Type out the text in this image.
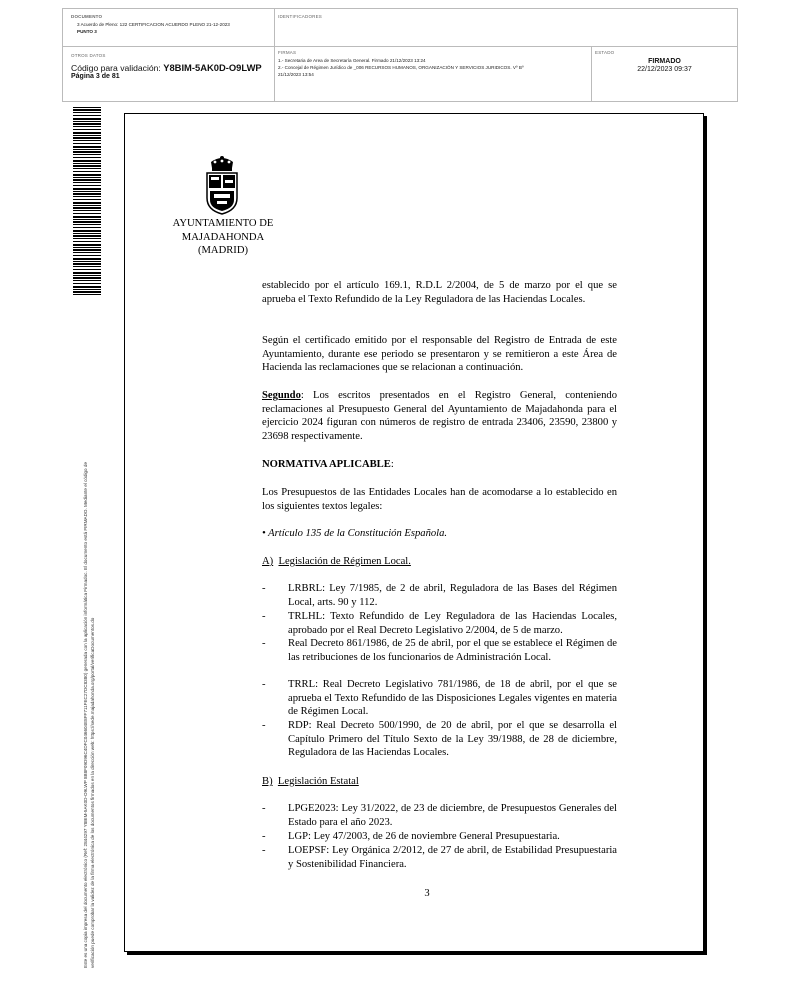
DOCUMENTO
3 Acuerdo de Pleno: 122 CERTIFICACION ACUERDO PLENO 21-12-2023
PUNTO 3
IDENTIFICADORES
OTROS DATOS
Código para validación: Y8BIM-5AK0D-O9LWP
Página 3 de 81
FIRMAS
1.- Secretaria de Area de Secretaría General. Firmado 21/12/2023 13:24
2.- Concejal de Régimen Jurídico de _006 RECURSOS HUMANOS, ORGANIZACIÓN Y SERVICIOS JURIDICOS. Vº Bº
21/12/2023 13:54
ESTADO
FIRMADO
22/12/2023 09:37
Este es una copia impresa del documento electrónico (Ref: 2844297 Y8BIM-5AK0D-O9LWP 8B8F09D96C4DFC046604E8FF711FEC27DC8380) generada con la aplicación informática Firmadoc. El documento está FIRMADO. Mediante el código de verificación puede comprobar la validez de la firma electrónica de los documentos firmados en la dirección web: https://sede.majadahonda.org/portal/verificaDocumentos.do
AYUNTAMIENTO DE
MAJADAHONDA
(MADRID)
establecido por el artículo 169.1, R.D.L 2/2004, de 5 de marzo por el que se aprueba el Texto Refundido de la Ley Reguladora de las Haciendas Locales.
Según el certificado emitido por el responsable del Registro de Entrada de este Ayuntamiento, durante ese periodo se presentaron y se remitieron a este Área de Hacienda las reclamaciones que se relacionan a continuación.
Segundo: Los escritos presentados en el Registro General, conteniendo reclamaciones al Presupuesto General del Ayuntamiento de Majadahonda para el ejercicio 2024 figuran con números de registro de entrada 23406, 23590, 23800 y 23698 respectivamente.
NORMATIVA APLICABLE:
Los Presupuestos de las Entidades Locales han de acomodarse a lo establecido en los siguientes textos legales:
• Artículo 135 de la Constitución Española.
A) Legislación de Régimen Local.
- LRBRL: Ley 7/1985, de 2 de abril, Reguladora de las Bases del Régimen Local, arts. 90 y 112.
- TRLHL: Texto Refundido de Ley Reguladora de las Haciendas Locales, aprobado por el Real Decreto Legislativo 2/2004, de 5 de marzo.
- Real Decreto 861/1986, de 25 de abril, por el que se establece el Régimen de las retribuciones de los funcionarios de Administración Local.
- TRRL: Real Decreto Legislativo 781/1986, de 18 de abril, por el que se aprueba el Texto Refundido de las Disposiciones Legales vigentes en materia de Régimen Local.
- RDP: Real Decreto 500/1990, de 20 de abril, por el que se desarrolla el Capítulo Primero del Título Sexto de la Ley 39/1988, de 28 de diciembre, Reguladora de las Haciendas Locales.
B) Legislación Estatal
- LPGE2023: Ley 31/2022, de 23 de diciembre, de Presupuestos Generales del Estado para el año 2023.
- LGP: Ley 47/2003, de 26 de noviembre General Presupuestaria.
- LOEPSF: Ley Orgánica 2/2012, de 27 de abril, de Estabilidad Presupuestaria y Sostenibilidad Financiera.
3
